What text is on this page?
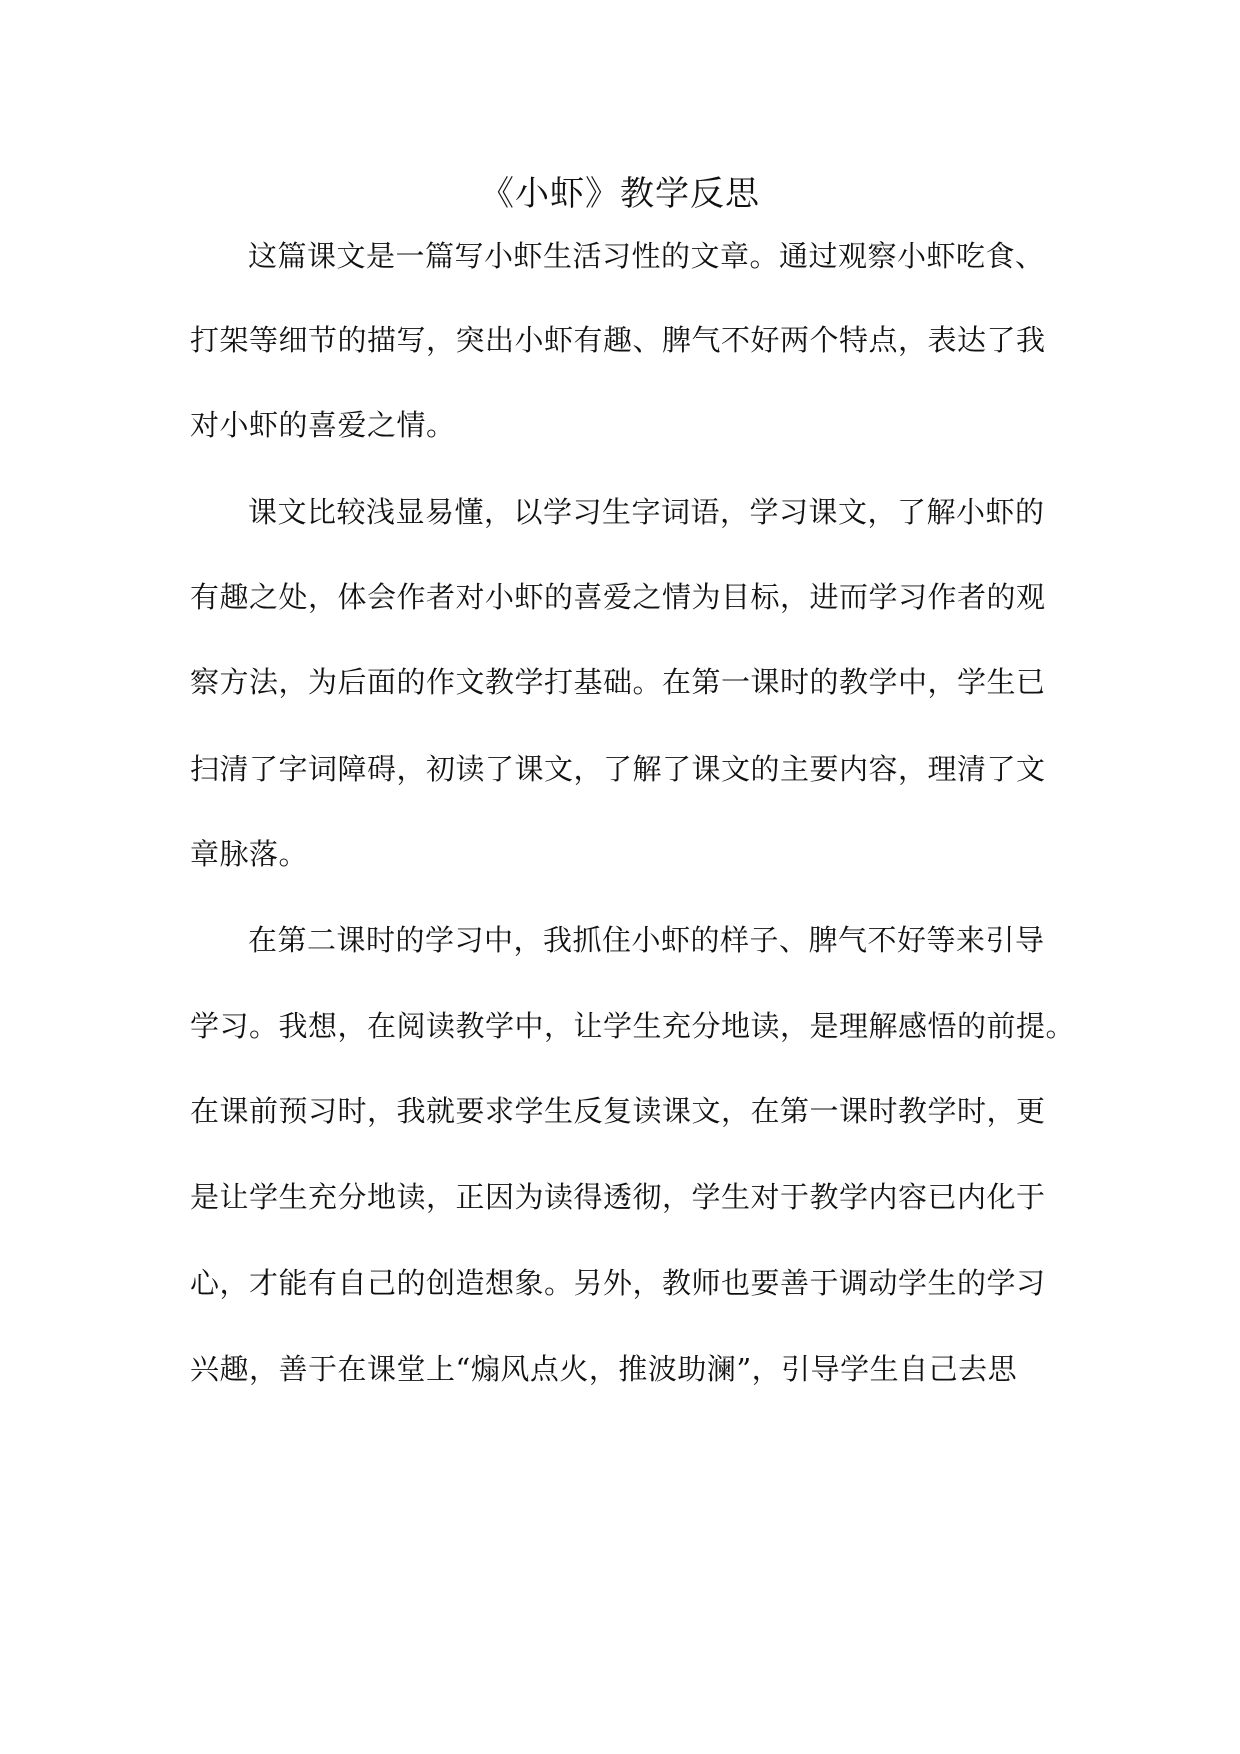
《小虾》教学反思

这篇课文是一篇写小虾生活习性的文章。通过观察小虾吃食、

打架等细节的描写，突出小虾有趣、脾气不好两个特点，表达了我

对小虾的喜爱之情。

课文比较浅显易懂，以学习生字词语，学习课文，了解小虾的

有趣之处，体会作者对小虾的喜爱之情为目标，进而学习作者的观

察方法，为后面的作文教学打基础。在第一课时的教学中，学生已

扫清了字词障碍，初读了课文，了解了课文的主要内容，理清了文

章脉落。

在第二课时的学习中，我抓住小虾的样子、脾气不好等来引导

学习。我想，在阅读教学中，让学生充分地读，是理解感悟的前提。

在课前预习时，我就要求学生反复读课文，在第一课时教学时，更

是让学生充分地读，正因为读得透彻，学生对于教学内容已内化于

心，才能有自己的创造想象。另外，教师也要善于调动学生的学习

兴趣，善于在课堂上“煽风点火，推波助澜”，引导学生自己去思
